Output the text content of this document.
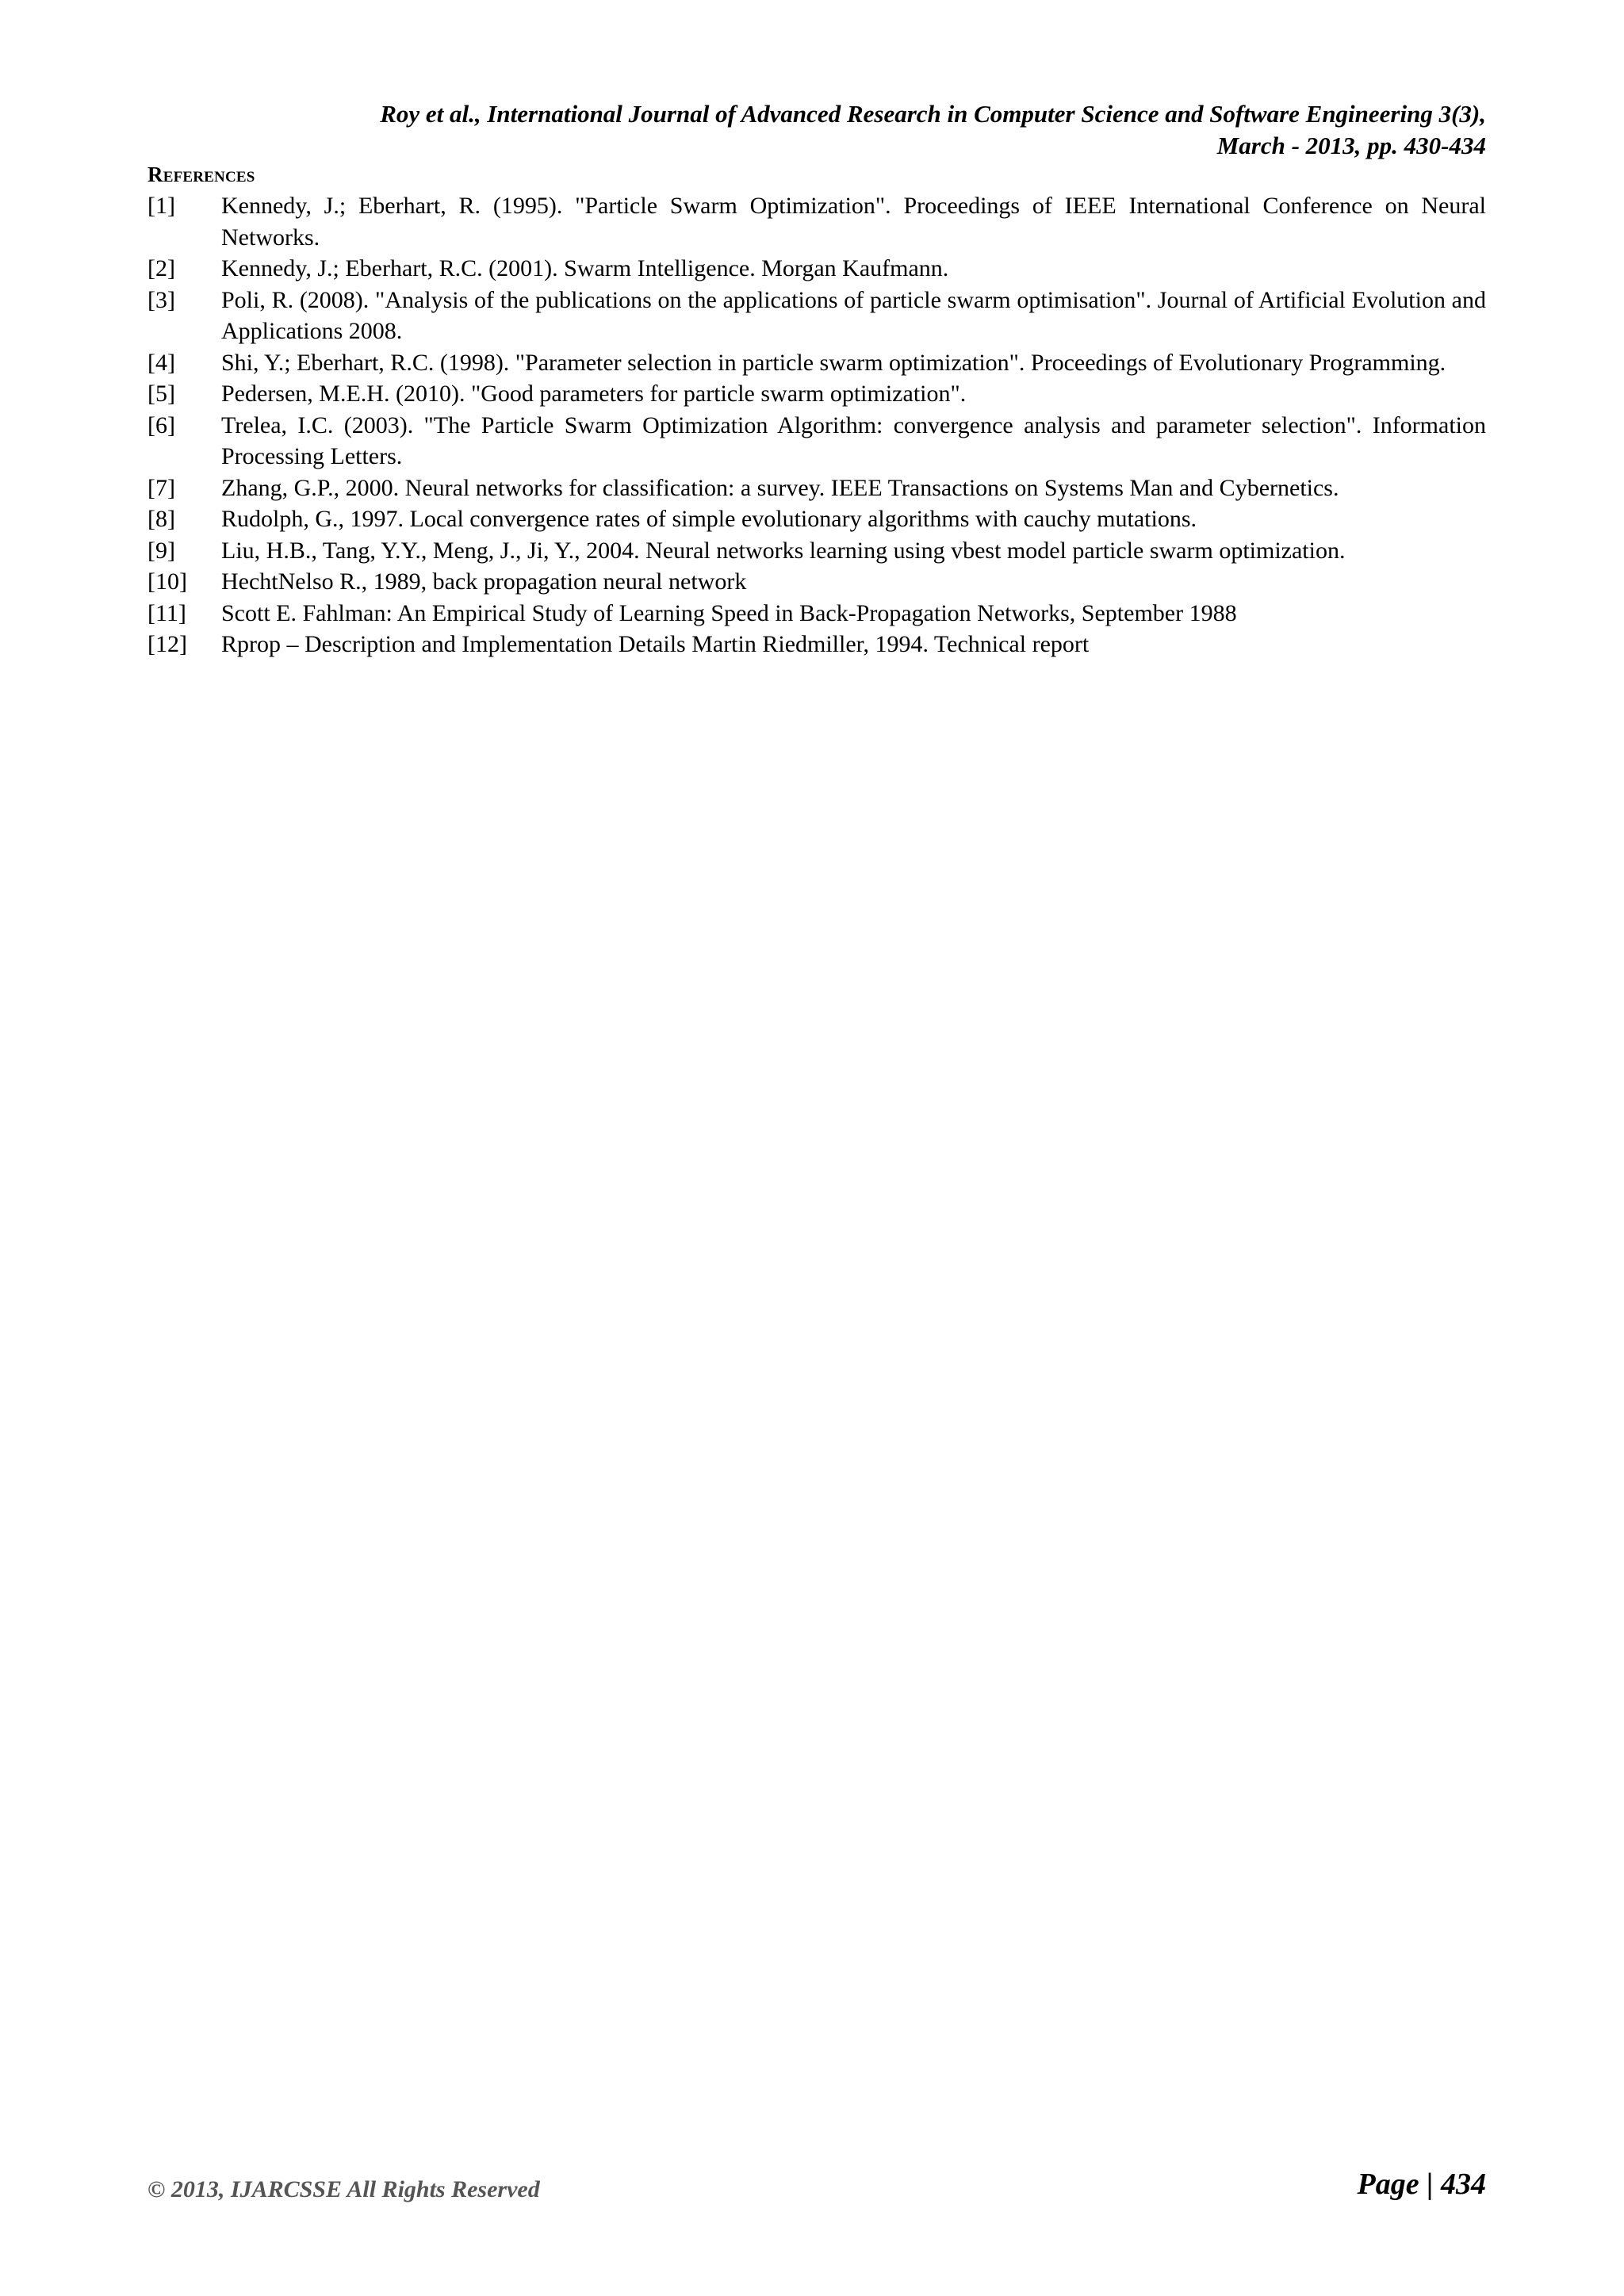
Roy et al., International Journal of Advanced Research in Computer Science and Software Engineering 3(3),
March - 2013, pp. 430-434
References
[1]	Kennedy, J.; Eberhart, R. (1995). "Particle Swarm Optimization". Proceedings of IEEE International Conference on Neural Networks.
[2]	Kennedy, J.; Eberhart, R.C. (2001). Swarm Intelligence. Morgan Kaufmann.
[3]	Poli, R. (2008). "Analysis of the publications on the applications of particle swarm optimisation". Journal of Artificial Evolution and Applications 2008.
[4]	Shi, Y.; Eberhart, R.C. (1998). "Parameter selection in particle swarm optimization". Proceedings of Evolutionary Programming.
[5]	Pedersen, M.E.H. (2010). "Good parameters for particle swarm optimization".
[6]	Trelea, I.C. (2003). "The Particle Swarm Optimization Algorithm: convergence analysis and parameter selection". Information Processing Letters.
[7]	Zhang, G.P., 2000. Neural networks for classification: a survey. IEEE Transactions on Systems Man and Cybernetics.
[8]	Rudolph, G., 1997. Local convergence rates of simple evolutionary algorithms with cauchy mutations.
[9]	Liu, H.B., Tang, Y.Y., Meng, J., Ji, Y., 2004. Neural networks learning using vbest model particle swarm optimization.
[10]	HechtNelso R., 1989, back propagation neural network
[11]	Scott E. Fahlman: An Empirical Study of Learning Speed in Back-Propagation Networks, September 1988
[12]	Rprop – Description and Implementation Details Martin Riedmiller, 1994. Technical report
© 2013, IJARCSSE All Rights Reserved	Page | 434
